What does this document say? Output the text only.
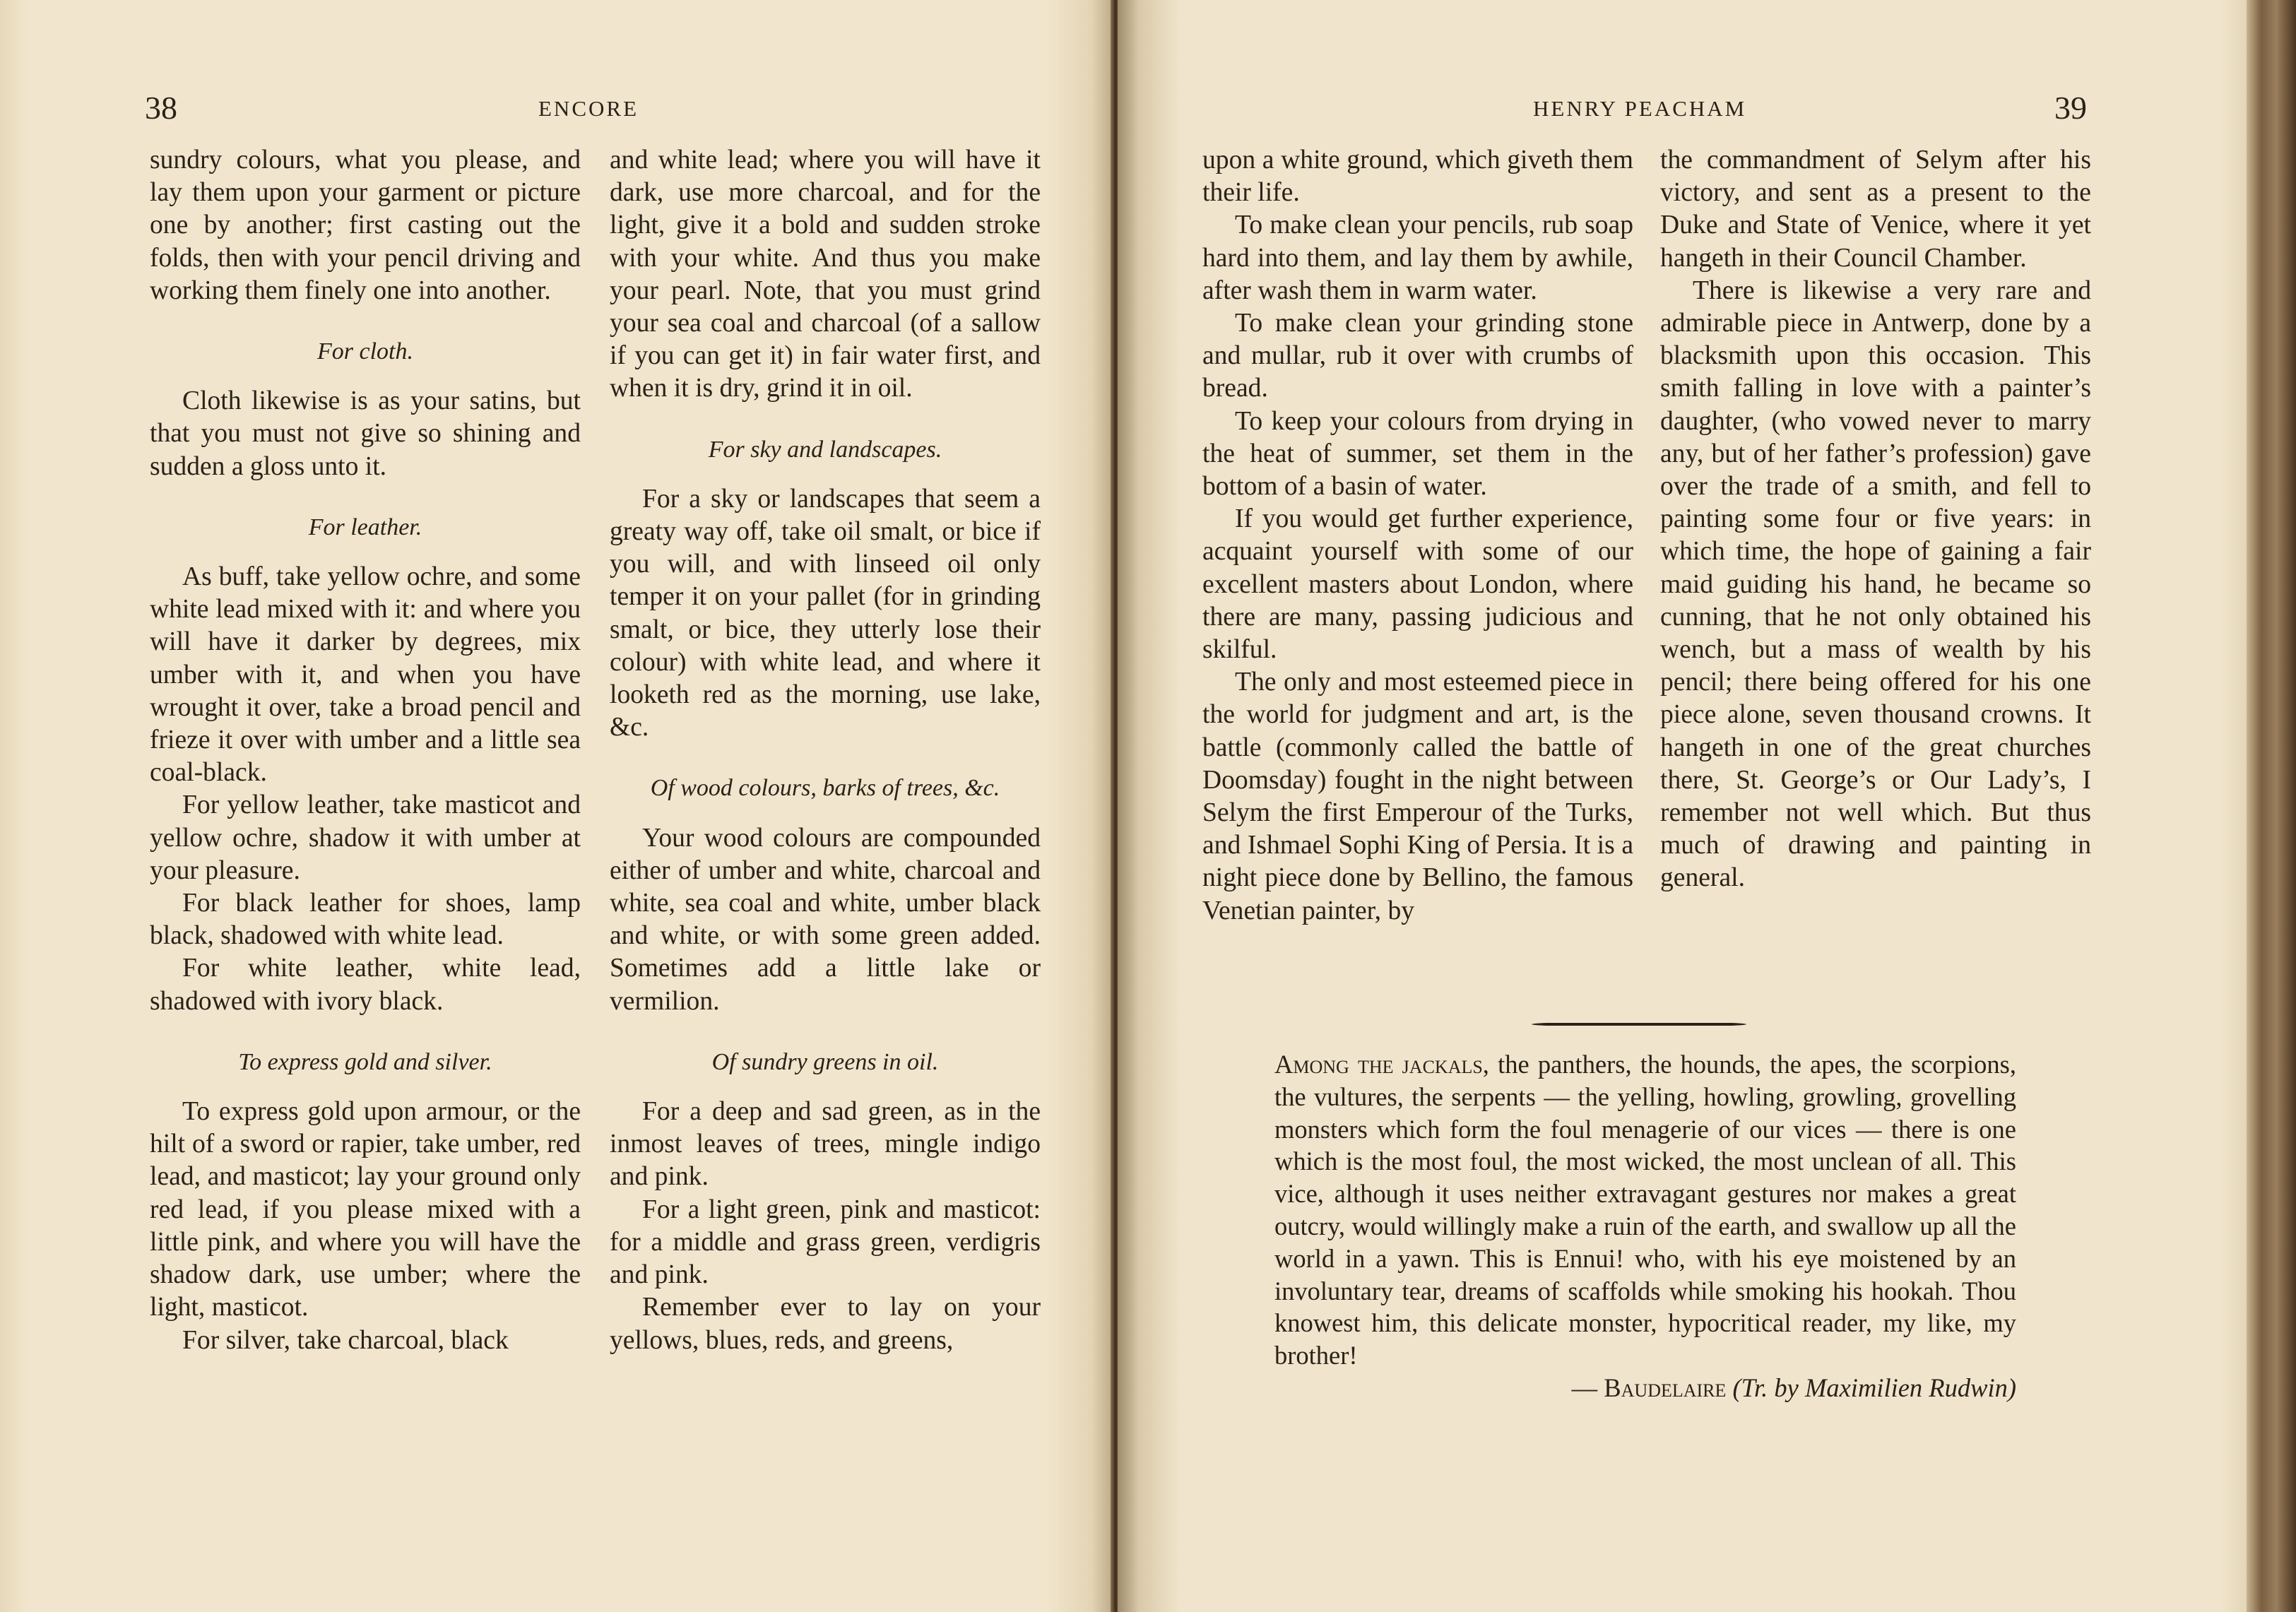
38	ENCORE

sundry colours, what you please, and lay them upon your garment or picture one by another; first casting out the folds, then with your pencil driving and working them finely one into another.

For cloth.

Cloth likewise is as your satins, but that you must not give so shining and sudden a gloss unto it.

For leather.

As buff, take yellow ochre, and some white lead mixed with it: and where you will have it darker by degrees, mix umber with it, and when you have wrought it over, take a broad pencil and frieze it over with umber and a little sea coal-black.

For yellow leather, take masticot and yellow ochre, shadow it with umber at your pleasure.

For black leather for shoes, lamp black, shadowed with white lead.

For white leather, white lead, shadowed with ivory black.

To express gold and silver.

To express gold upon armour, or the hilt of a sword or rapier, take umber, red lead, and masticot; lay your ground only red lead, if you please mixed with a little pink, and where you will have the shadow dark, use umber; where the light, masticot.

For silver, take charcoal, black

and white lead; where you will have it dark, use more charcoal, and for the light, give it a bold and sudden stroke with your white. And thus you make your pearl. Note, that you must grind your sea coal and charcoal (of a sallow if you can get it) in fair water first, and when it is dry, grind it in oil.

For sky and landscapes.

For a sky or landscapes that seem a greaty way off, take oil smalt, or bice if you will, and with linseed oil only temper it on your pallet (for in grinding smalt, or bice, they utterly lose their colour) with white lead, and where it looketh red as the morning, use lake, &c.

Of wood colours, barks of trees, &c.

Your wood colours are compounded either of umber and white, charcoal and white, sea coal and white, umber black and white, or with some green added. Sometimes add a little lake or vermilion.

Of sundry greens in oil.

For a deep and sad green, as in the inmost leaves of trees, mingle indigo and pink.

For a light green, pink and masticot: for a middle and grass green, verdigris and pink.

Remember ever to lay on your yellows, blues, reds, and greens,

HENRY PEACHAM	39

upon a white ground, which giveth them their life.

To make clean your pencils, rub soap hard into them, and lay them by awhile, after wash them in warm water.

To make clean your grinding stone and mullar, rub it over with crumbs of bread.

To keep your colours from drying in the heat of summer, set them in the bottom of a basin of water.

If you would get further experience, acquaint yourself with some of our excellent masters about London, where there are many, passing judicious and skilful.

The only and most esteemed piece in the world for judgment and art, is the battle (commonly called the battle of Doomsday) fought in the night between Selym the first Emperour of the Turks, and Ishmael Sophi King of Persia. It is a night piece done by Bellino, the famous Venetian painter, by

the commandment of Selym after his victory, and sent as a present to the Duke and State of Venice, where it yet hangeth in their Council Chamber.

There is likewise a very rare and admirable piece in Antwerp, done by a blacksmith upon this occasion. This smith falling in love with a painter’s daughter, (who vowed never to marry any, but of her father’s profession) gave over the trade of a smith, and fell to painting some four or five years: in which time, the hope of gaining a fair maid guiding his hand, he became so cunning, that he not only obtained his wench, but a mass of wealth by his pencil; there being offered for his one piece alone, seven thousand crowns. It hangeth in one of the great churches there, St. George’s or Our Lady’s, I remember not well which. But thus much of drawing and painting in general.

Among the jackals, the panthers, the hounds, the apes, the scorpions, the vultures, the serpents — the yelling, howling, growling, grovelling monsters which form the foul menagerie of our vices — there is one which is the most foul, the most wicked, the most unclean of all. This vice, although it uses neither extravagant gestures nor makes a great outcry, would willingly make a ruin of the earth, and swallow up all the world in a yawn. This is Ennui! who, with his eye moistened by an involuntary tear, dreams of scaffolds while smoking his hookah. Thou knowest him, this delicate monster, hypocritical reader, my like, my brother!

— Baudelaire (Tr. by Maximilien Rudwin)
